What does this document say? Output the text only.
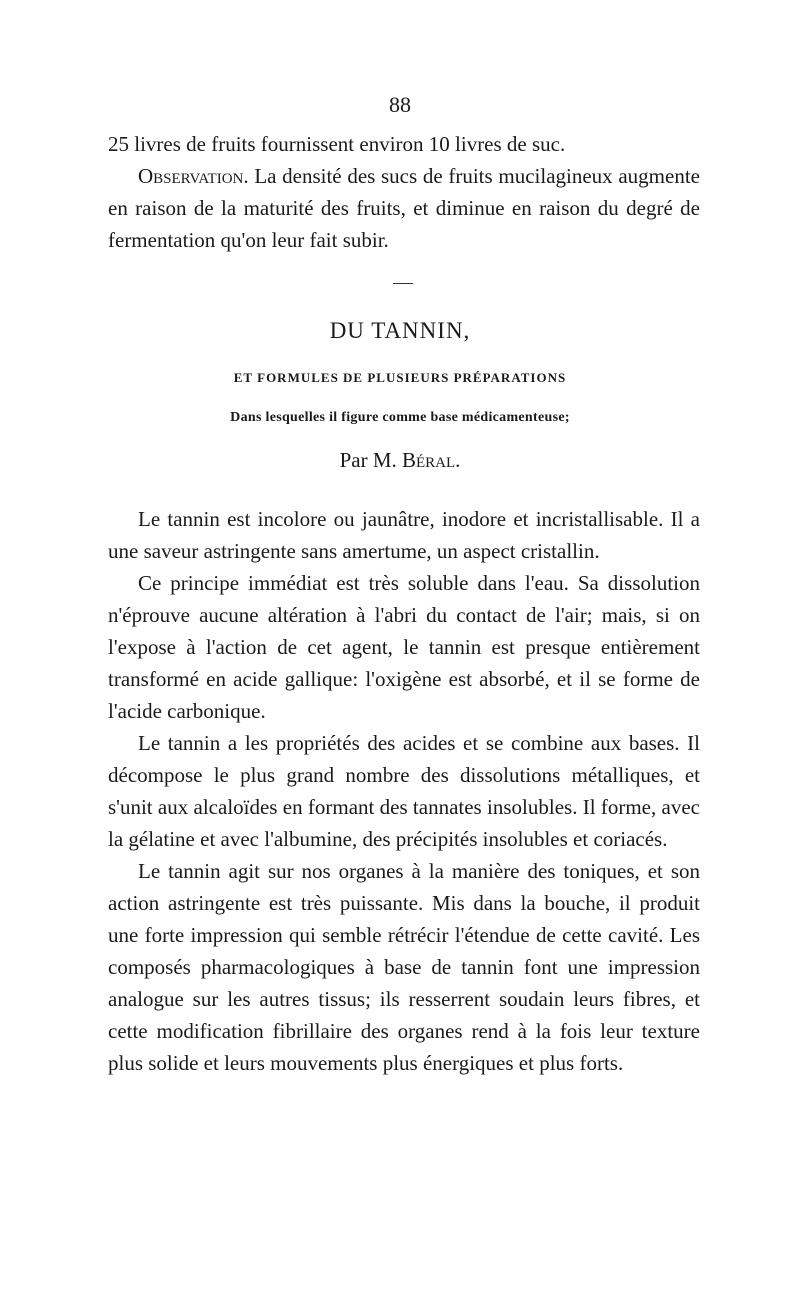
88

25 livres de fruits fournissent environ 10 livres de suc.

Observation. La densité des sucs de fruits mucilagineux augmente en raison de la maturité des fruits, et diminue en raison du degré de fermentation qu'on leur fait subir.

DU TANNIN,
ET FORMULES DE PLUSIEURS PRÉPARATIONS
Dans lesquelles il figure comme base médicamenteuse;
Par M. Béral.

Le tannin est incolore ou jaunâtre, inodore et incristallisable. Il a une saveur astringente sans amertume, un aspect cristallin.

Ce principe immédiat est très soluble dans l'eau. Sa dissolution n'éprouve aucune altération à l'abri du contact de l'air; mais, si on l'expose à l'action de cet agent, le tannin est presque entièrement transformé en acide gallique: l'oxigène est absorbé, et il se forme de l'acide carbonique.

Le tannin a les propriétés des acides et se combine aux bases. Il décompose le plus grand nombre des dissolutions métalliques, et s'unit aux alcaloïdes en formant des tannates insolubles. Il forme, avec la gélatine et avec l'albumine, des précipités insolubles et coriacés.

Le tannin agit sur nos organes à la manière des toniques, et son action astringente est très puissante. Mis dans la bouche, il produit une forte impression qui semble rétrécir l'étendue de cette cavité. Les composés pharmacologiques à base de tannin font une impression analogue sur les autres tissus; ils resserrent soudain leurs fibres, et cette modification fibrillaire des organes rend à la fois leur texture plus solide et leurs mouvements plus énergiques et plus forts.
